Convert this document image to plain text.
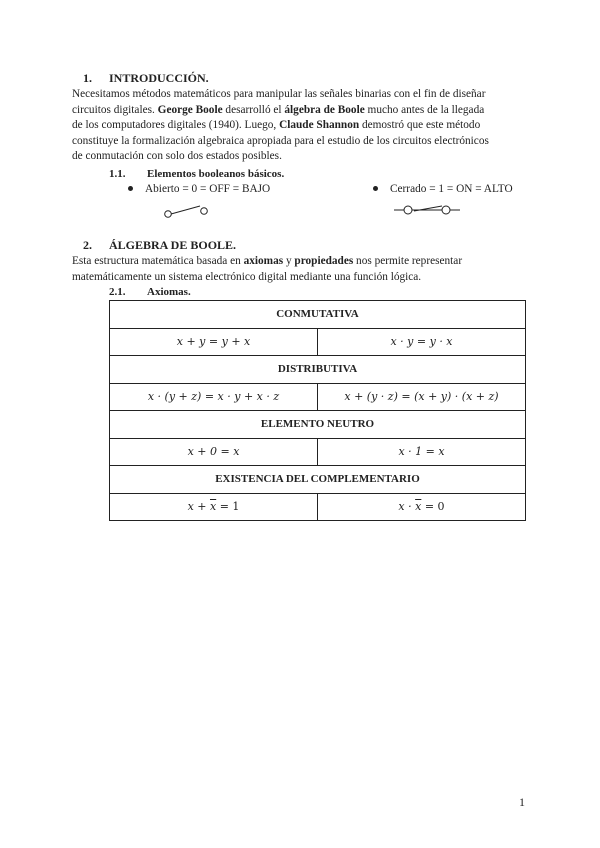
1. INTRODUCCIÓN.
Necesitamos métodos matemáticos para manipular las señales binarias con el fin de diseñar
circuitos digitales. George Boole desarrolló el álgebra de Boole mucho antes de la llegada
de los computadores digitales (1940). Luego, Claude Shannon demostró que este método
constituye la formalización algebraica apropiada para el estudio de los circuitos electrónicos
de conmutación con solo dos estados posibles.
1.1. Elementos booleanos básicos.
Abierto = 0 = OFF = BAJO	Cerrado = 1 = ON = ALTO
2. ÁLGEBRA DE BOOLE.
Esta estructura matemática basada en axiomas y propiedades nos permite representar
matemáticamente un sistema electrónico digital mediante una función lógica.
2.1. Axiomas.
CONMUTATIVA	
x + y = y + x	x · y = y · x
DISTRIBUTIVA	
x · (y + z) = x · y + x · z	x + (y · z) = (x + y) · (x + z)
ELEMENTO NEUTRO	
x + 0 = x	x · 1 = x
EXISTENCIA DEL COMPLEMENTARIO	
$x + \overline{x} = 1$	$x \cdot \overline{x} = 0$
1
